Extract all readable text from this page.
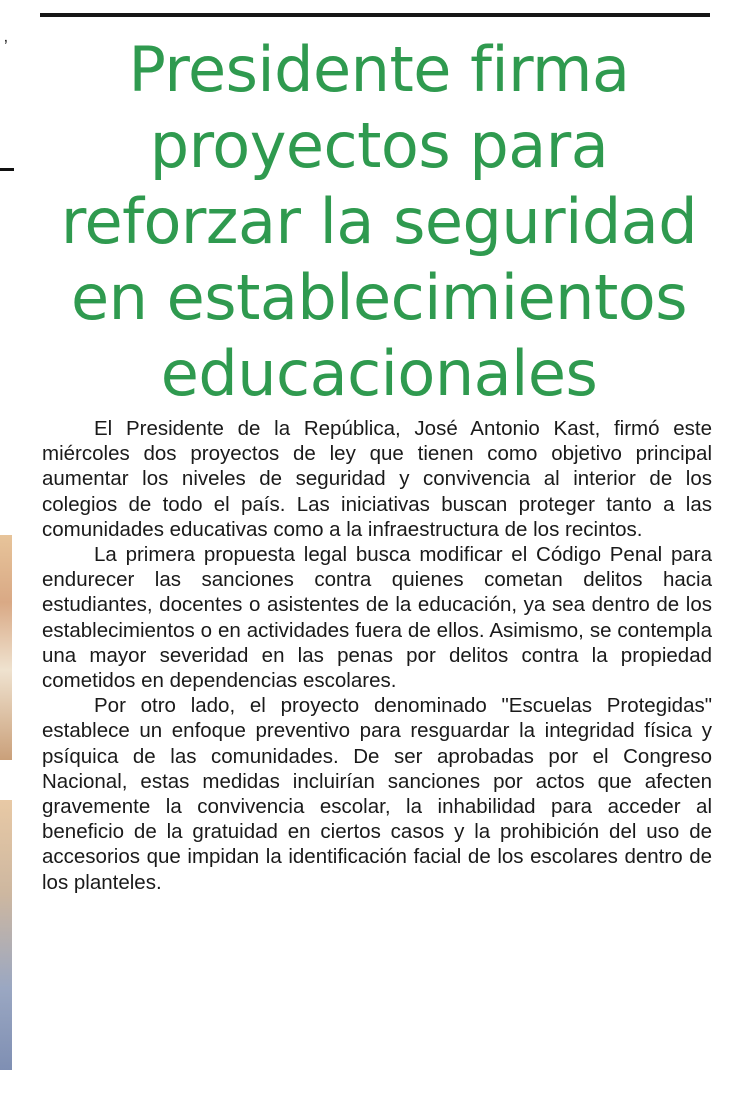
ʼ	Presidente firma proyectos para reforzar la seguridad en establecimientos educacionales

El Presidente de la República, José Antonio Kast, firmó este miércoles dos proyectos de ley que tienen como objetivo principal aumentar los niveles de seguridad y convivencia al interior de los colegios de todo el país. Las iniciativas buscan proteger tanto a las comunidades educativas como a la infraestructura de los recintos.

La primera propuesta legal busca modificar el Código Penal para endurecer las sanciones contra quienes cometan delitos hacia estudiantes, docentes o asistentes de la educación, ya sea dentro de los establecimientos o en actividades fuera de ellos. Asimismo, se contempla una mayor severidad en las penas por delitos contra la propiedad cometidos en dependencias escolares.

Por otro lado, el proyecto denominado "Escuelas Protegidas" establece un enfoque preventivo para resguardar la integridad física y psíquica de las comunidades. De ser aprobadas por el Congreso Nacional, estas medidas incluirían sanciones por actos que afecten gravemente la convivencia escolar, la inhabilidad para acceder al beneficio de la gratuidad en ciertos casos y la prohibición del uso de accesorios que impidan la identificación facial de los escolares dentro de los planteles.
